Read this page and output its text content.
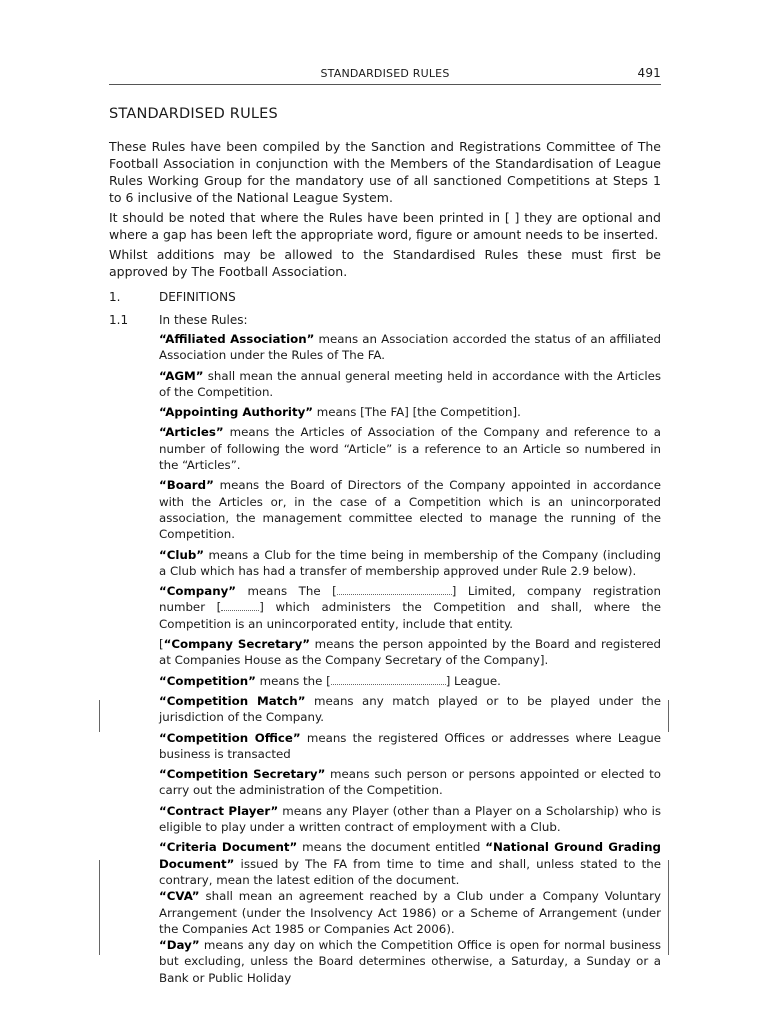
STANDARDISED RULES	491
STANDARDISED RULES

These Rules have been compiled by the Sanction and Registrations Committee of The Football Association in conjunction with the Members of the Standardisation of League Rules Working Group for the mandatory use of all sanctioned Competitions at Steps 1 to 6 inclusive of the National League System.

It should be noted that where the Rules have been printed in [ ] they are optional and where a gap has been left the appropriate word, figure or amount needs to be inserted.

Whilst additions may be allowed to the Standardised Rules these must first be approved by The Football Association.

1.	DEFINITIONS
1.1	In these Rules:

“Affiliated Association” means an Association accorded the status of an affiliated Association under the Rules of The FA.

“AGM” shall mean the annual general meeting held in accordance with the Articles of the Competition.

“Appointing Authority” means [The FA] [the Competition].

“Articles” means the Articles of Association of the Company and reference to a number of following the word “Article” is a reference to an Article so numbered in the “Articles”.

“Board” means the Board of Directors of the Company appointed in accordance with the Articles or, in the case of a Competition which is an unincorporated association, the management committee elected to manage the running of the Competition.

“Club” means a Club for the time being in membership of the Company (including a Club which has had a transfer of membership approved under Rule 2.9 below).

“Company” means The [	] Limited, company registration number [	] which administers the Competition and shall, where the Competition is an unincorporated entity, include that entity.

[“Company Secretary” means the person appointed by the Board and registered at Companies House as the Company Secretary of the Company].

“Competition” means the [	] League.

“Competition Match” means any match played or to be played under the jurisdiction of the Company.

“Competition Office” means the registered Offices or addresses where League business is transacted

“Competition Secretary” means such person or persons appointed or elected to carry out the administration of the Competition.

“Contract Player” means any Player (other than a Player on a Scholarship) who is eligible to play under a written contract of employment with a Club.

“Criteria Document” means the document entitled “National Ground Grading Document” issued by The FA from time to time and shall, unless stated to the contrary, mean the latest edition of the document.

“CVA” shall mean an agreement reached by a Club under a Company Voluntary Arrangement (under the Insolvency Act 1986) or a Scheme of Arrangement (under the Companies Act 1985 or Companies Act 2006).

“Day” means any day on which the Competition Office is open for normal business but excluding, unless the Board determines otherwise, a Saturday, a Sunday or a Bank or Public Holiday
